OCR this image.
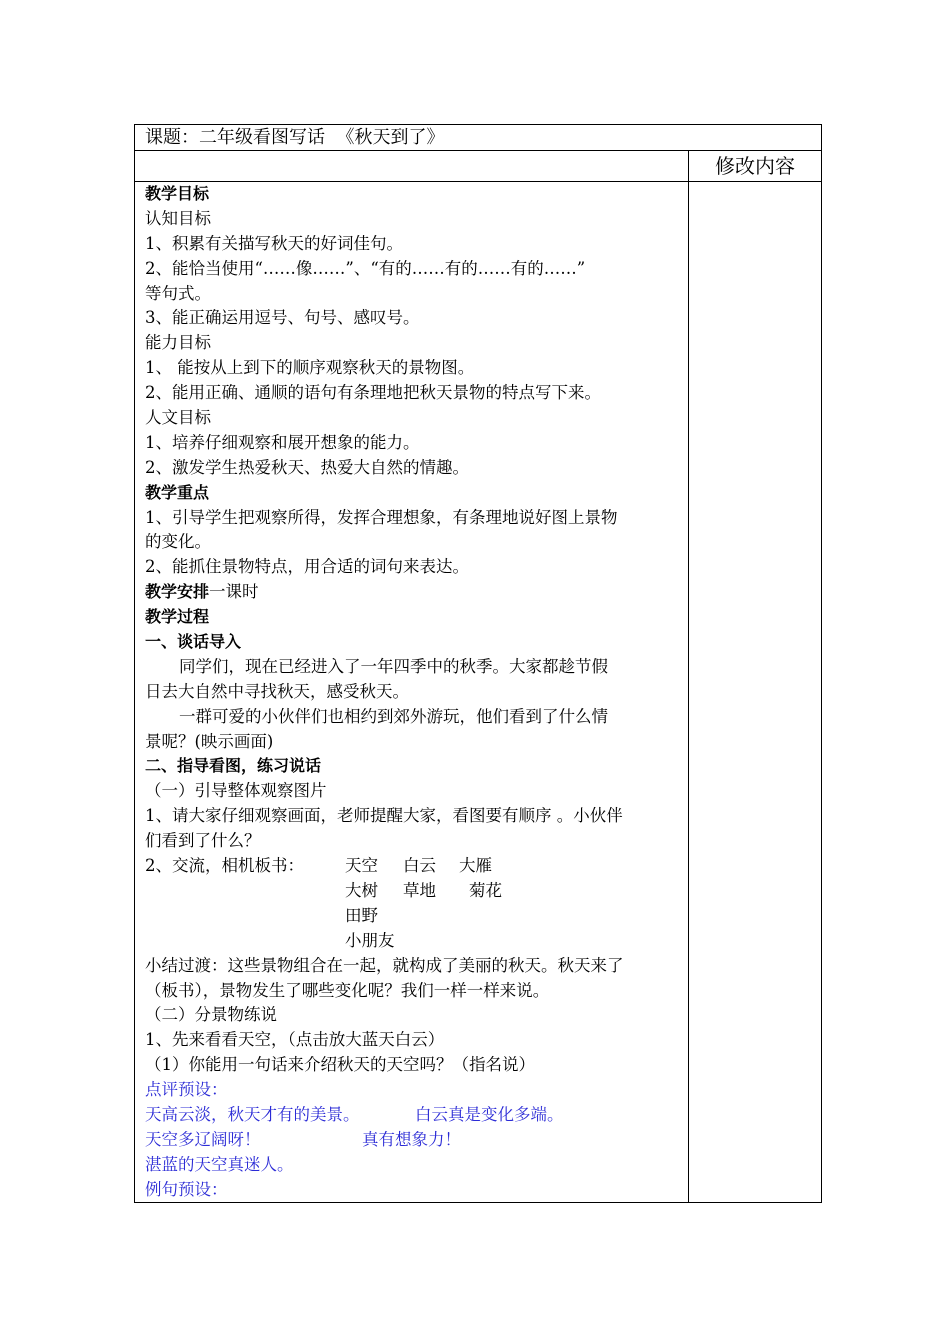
课题：二年级看图写话  《秋天到了》
修改内容
教学目标
认知目标
1、积累有关描写秋天的好词佳句。
2、能恰当使用“……像……”、“有的……有的……有的……”
等句式。
3、能正确运用逗号、句号、感叹号。
能力目标
1、 能按从上到下的顺序观察秋天的景物图。
2、能用正确、通顺的语句有条理地把秋天景物的特点写下来。
人文目标
1、培养仔细观察和展开想象的能力。
2、激发学生热爱秋天、热爱大自然的情趣。
教学重点
1、引导学生把观察所得，发挥合理想象，有条理地说好图上景物
的变化。
2、能抓住景物特点，用合适的词句来表达。
教学安排一课时
教学过程
一、谈话导入
同学们，现在已经进入了一年四季中的秋季。大家都趁节假
日去大自然中寻找秋天，感受秋天。
一群可爱的小伙伴们也相约到郊外游玩，他们看到了什么情
景呢？(映示画面)
二、指导看图，练习说话
（一）引导整体观察图片
1、请大家仔细观察画面，老师提醒大家，看图要有顺序 。小伙伴
们看到了什么？
2、交流，相机板书： 天空 白云 大雁
大树 草地 菊花
田野
小朋友
小结过渡：这些景物组合在一起，就构成了美丽的秋天。秋天来了
（板书），景物发生了哪些变化呢？我们一样一样来说。
（二）分景物练说
1、先来看看天空，（点击放大蓝天白云）
（1）你能用一句话来介绍秋天的天空吗？（指名说）
点评预设：
天高云淡，秋天才有的美景。	白云真是变化多端。
天空多辽阔呀！	真有想象力！
湛蓝的天空真迷人。
例句预设：
